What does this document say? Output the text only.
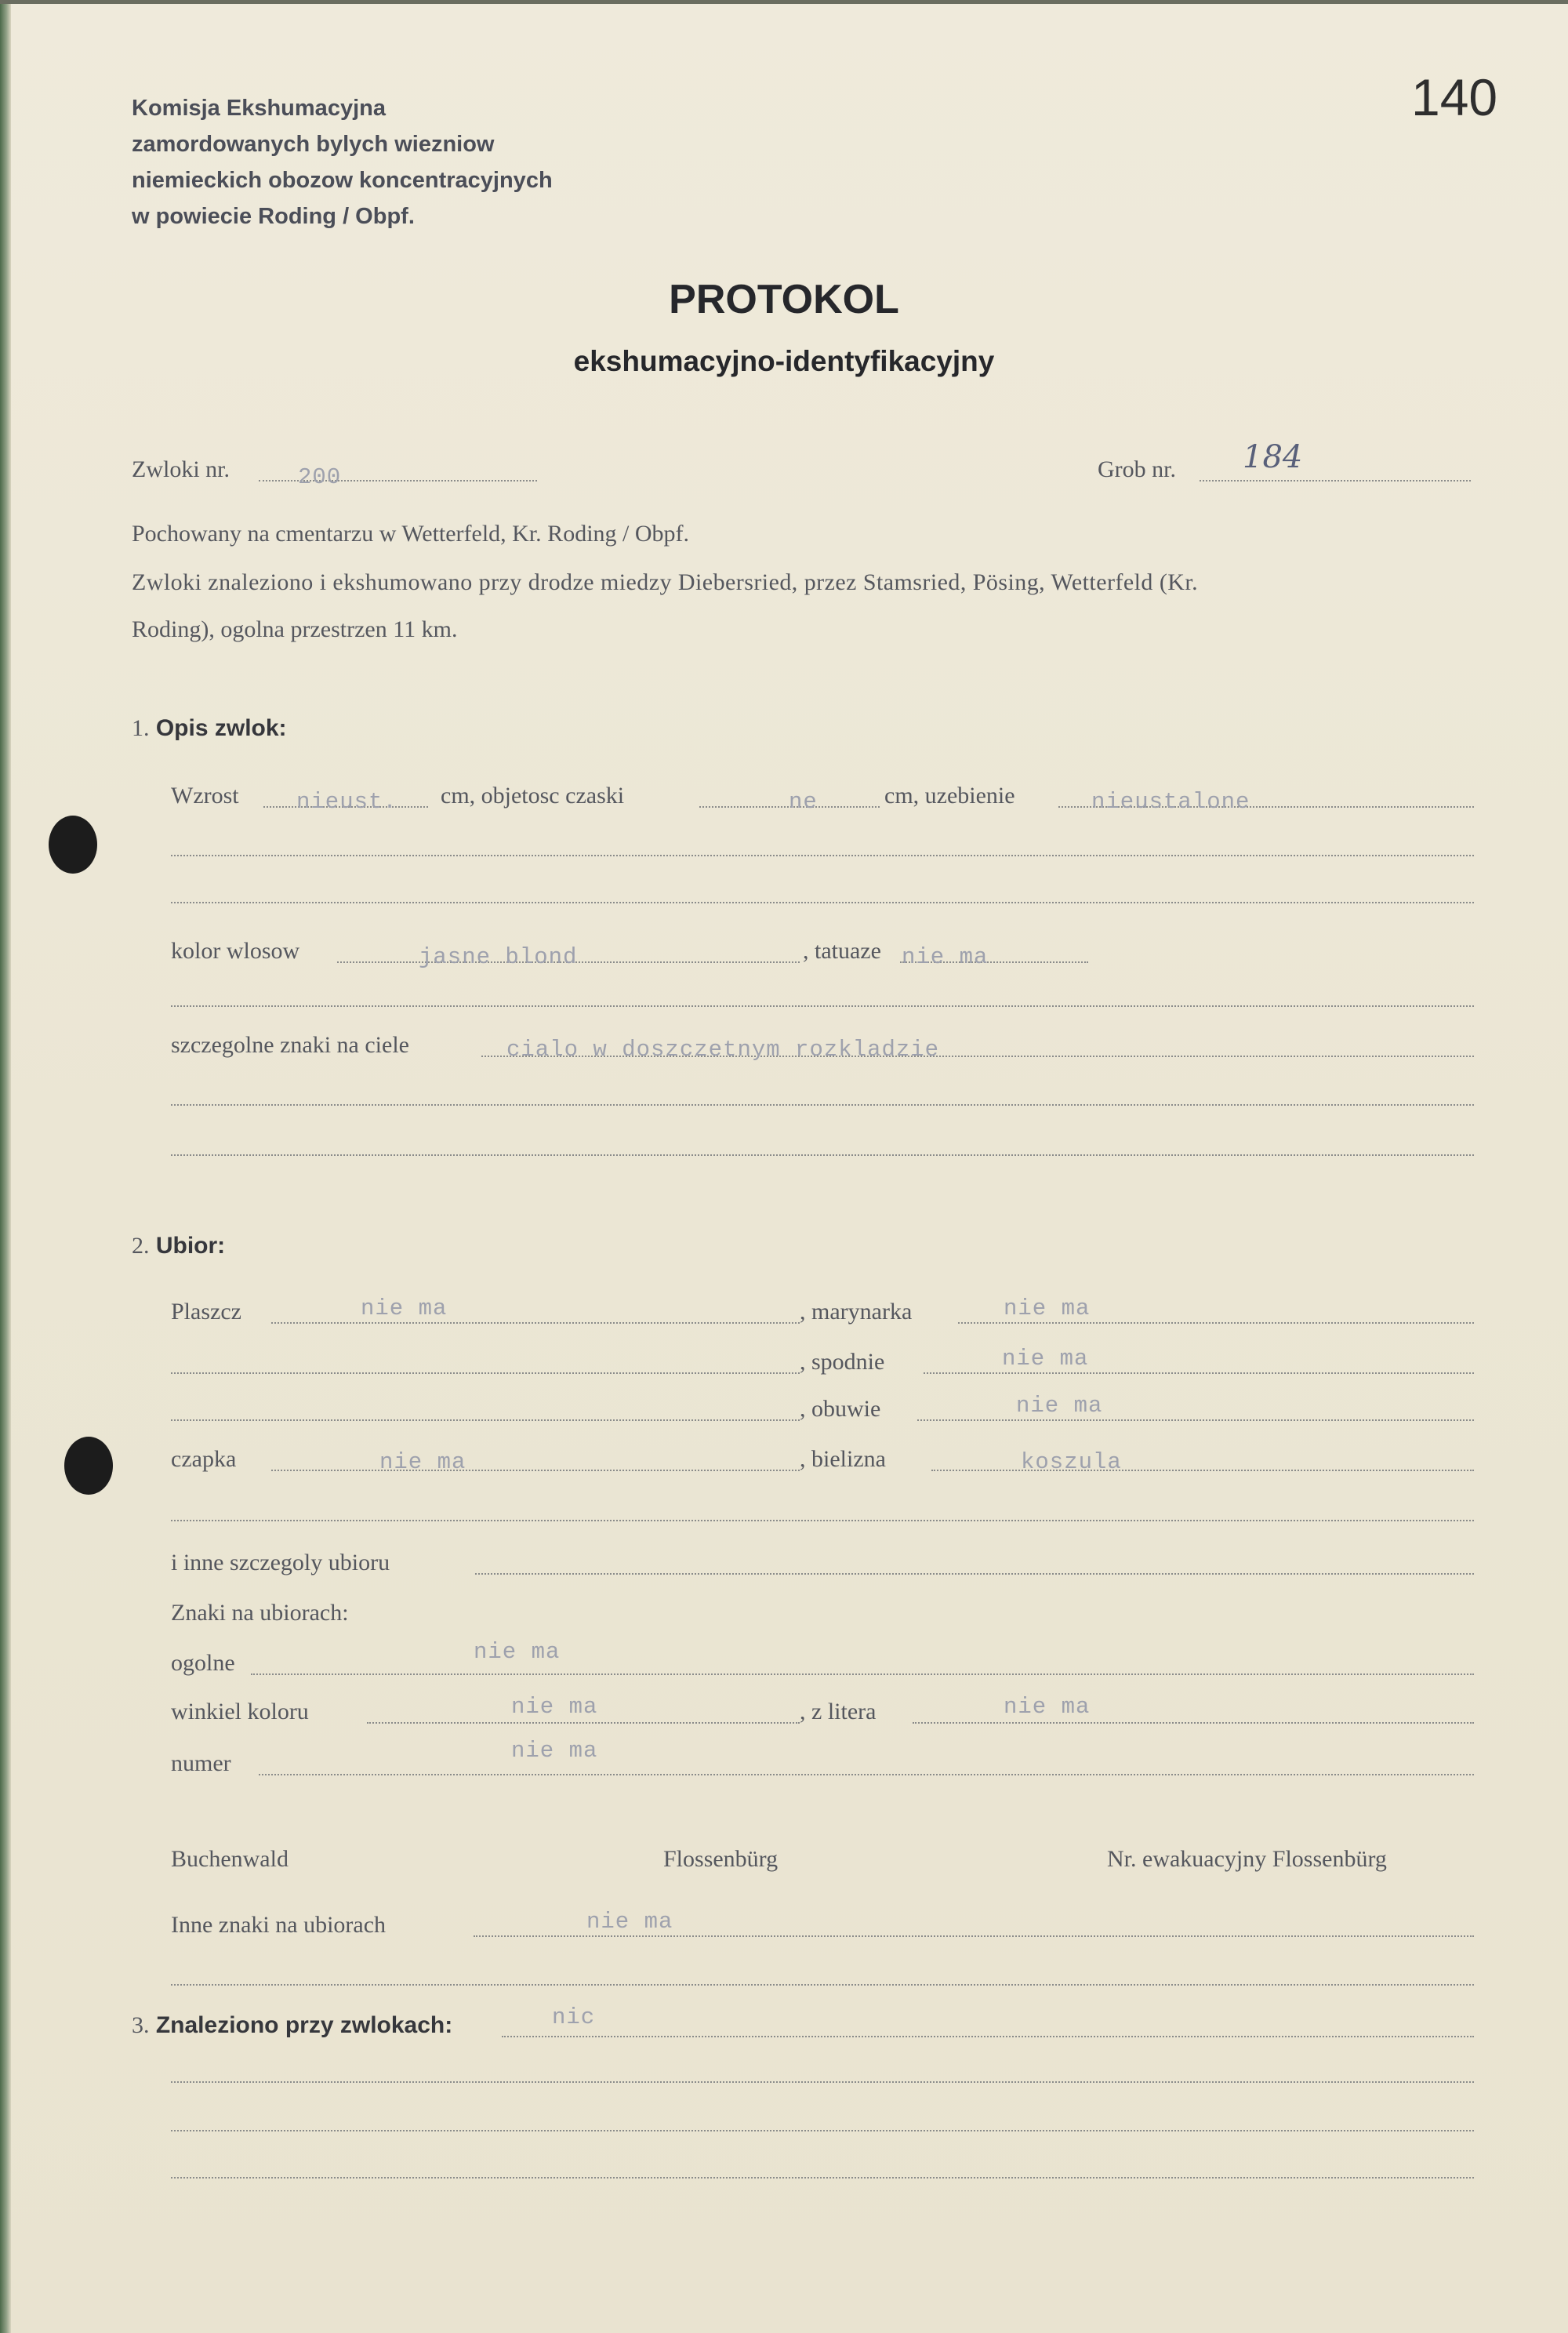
Komisja Ekshumacyjna
zamordowanych bylych wiezniow
niemieckich obozow koncentracyjnych
w powiecie Roding / Obpf.
140
PROTOKOL
ekshumacyjno-identyfikacyjny
Zwloki nr.	200	Grob nr. 184
Pochowany na cmentarzu w Wetterfeld, Kr. Roding / Obpf.
Zwloki znaleziono i ekshumowano przy drodze miedzy Diebersried, przez Stamsried, Pösing, Wetterfeld (Kr.
Roding), ogolna przestrzen 11 km.
1. Opis zwlok:
Wzrost	nieust. cm, objetosc czaski	ne	cm, uzebienie	nieustalone
kolor wlosow	jasne blond	, tatuaze nie ma
szczegolne znaki na ciele	cialo w doszczetnym rozkladzie
2. Ubior:
Plaszcz	nie ma	, marynarka	nie ma
, spodnie	nie ma
, obuwie	nie ma
czapka	nie ma	, bielizna	koszula
i inne szczegoly ubioru
Znaki na ubiorach:
ogolne	nie ma
winkiel koloru	nie ma	, z litera	nie ma
numer	nie ma
Buchenwald	Flossenbürg	Nr. ewakuacyjny Flossenbürg
Inne znaki na ubiorach	nie ma
3. Znaleziono przy zwlokach:	nic
